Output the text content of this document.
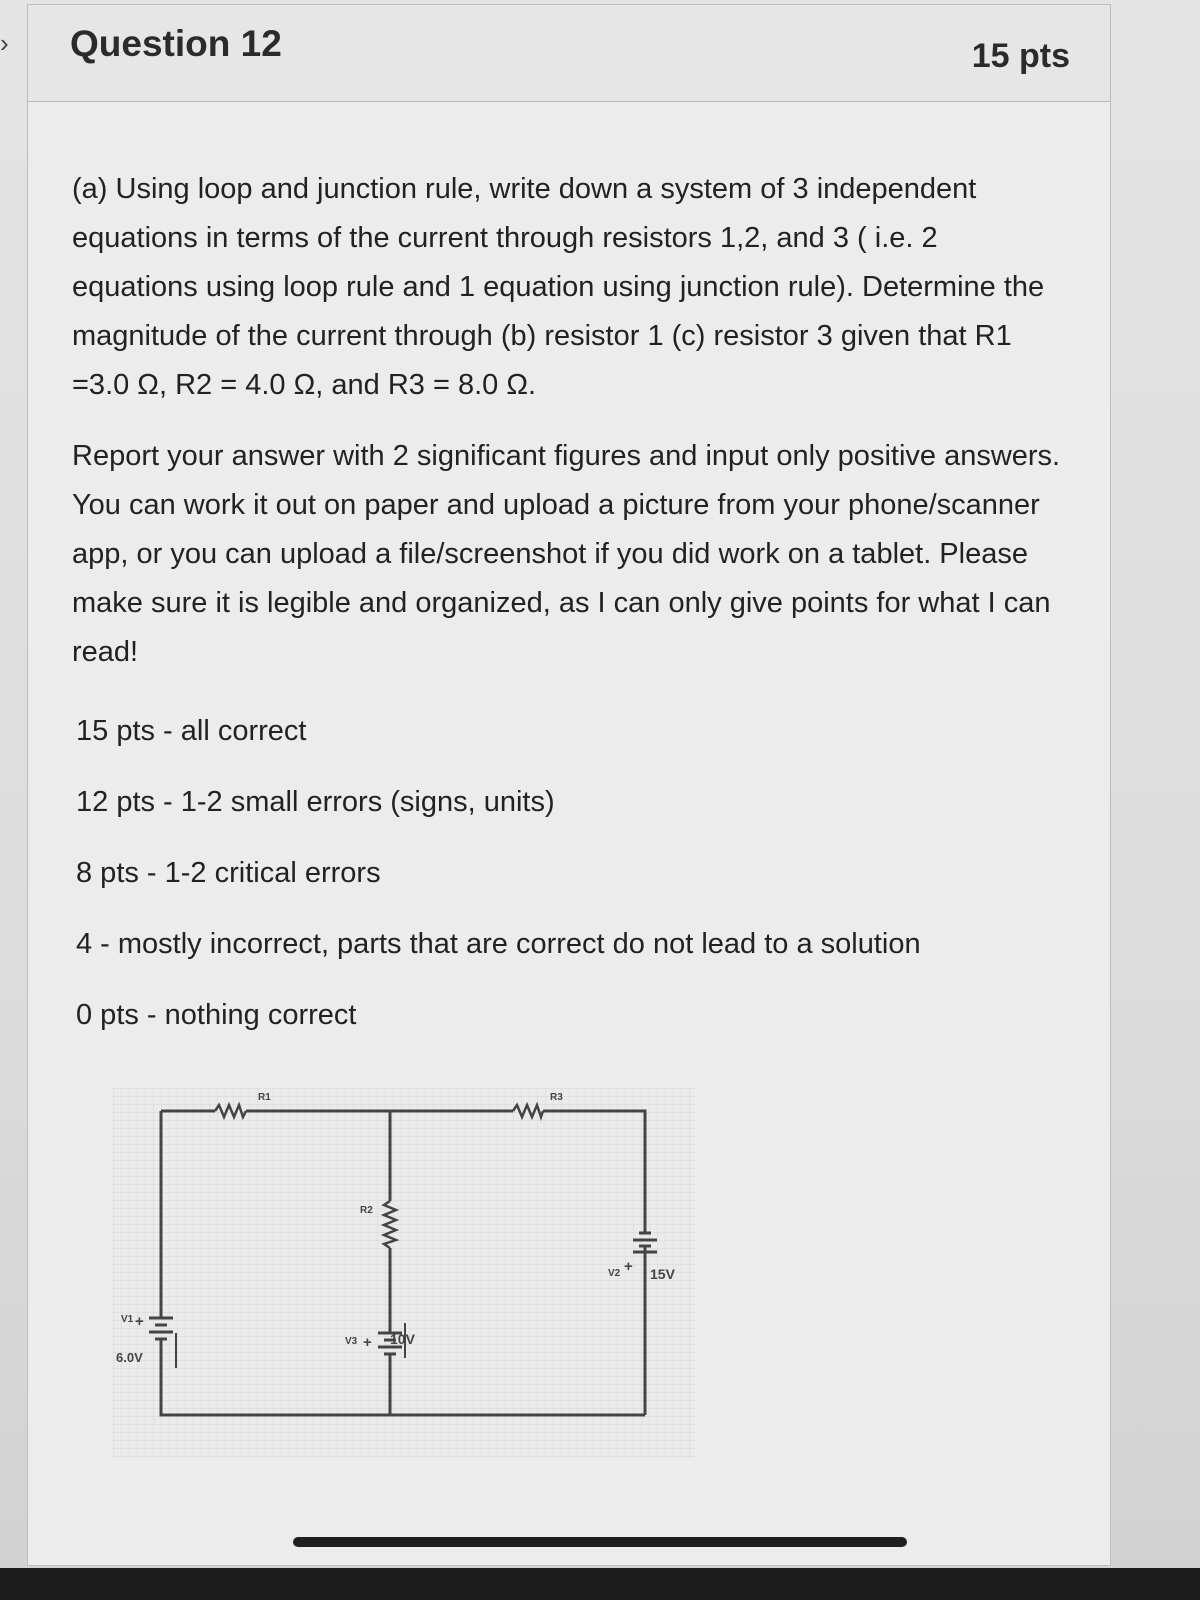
› Question 12	15 pts

(a) Using loop and junction rule, write down a system of 3 independent equations in terms of the current through resistors 1,2, and 3 ( i.e. 2 equations using loop rule and 1 equation using junction rule). Determine the magnitude of the current through (b) resistor 1 (c) resistor 3 given that R1 =3.0 Ω, R2 = 4.0 Ω, and R3 = 8.0 Ω.

Report your answer with 2 significant figures and input only positive answers. You can work it out on paper and upload a picture from your phone/scanner app, or you can upload a file/screenshot if you did work on a tablet. Please make sure it is legible and organized, as I can only give points for what I can read!

15 pts - all correct
12 pts - 1-2 small errors (signs, units)
8 pts - 1-2 critical errors
4 - mostly incorrect, parts that are correct do not lead to a solution
0 pts - nothing correct
R1	R3
R2
V1 +
6.0V
V3 + 10V
V2 + 15V
